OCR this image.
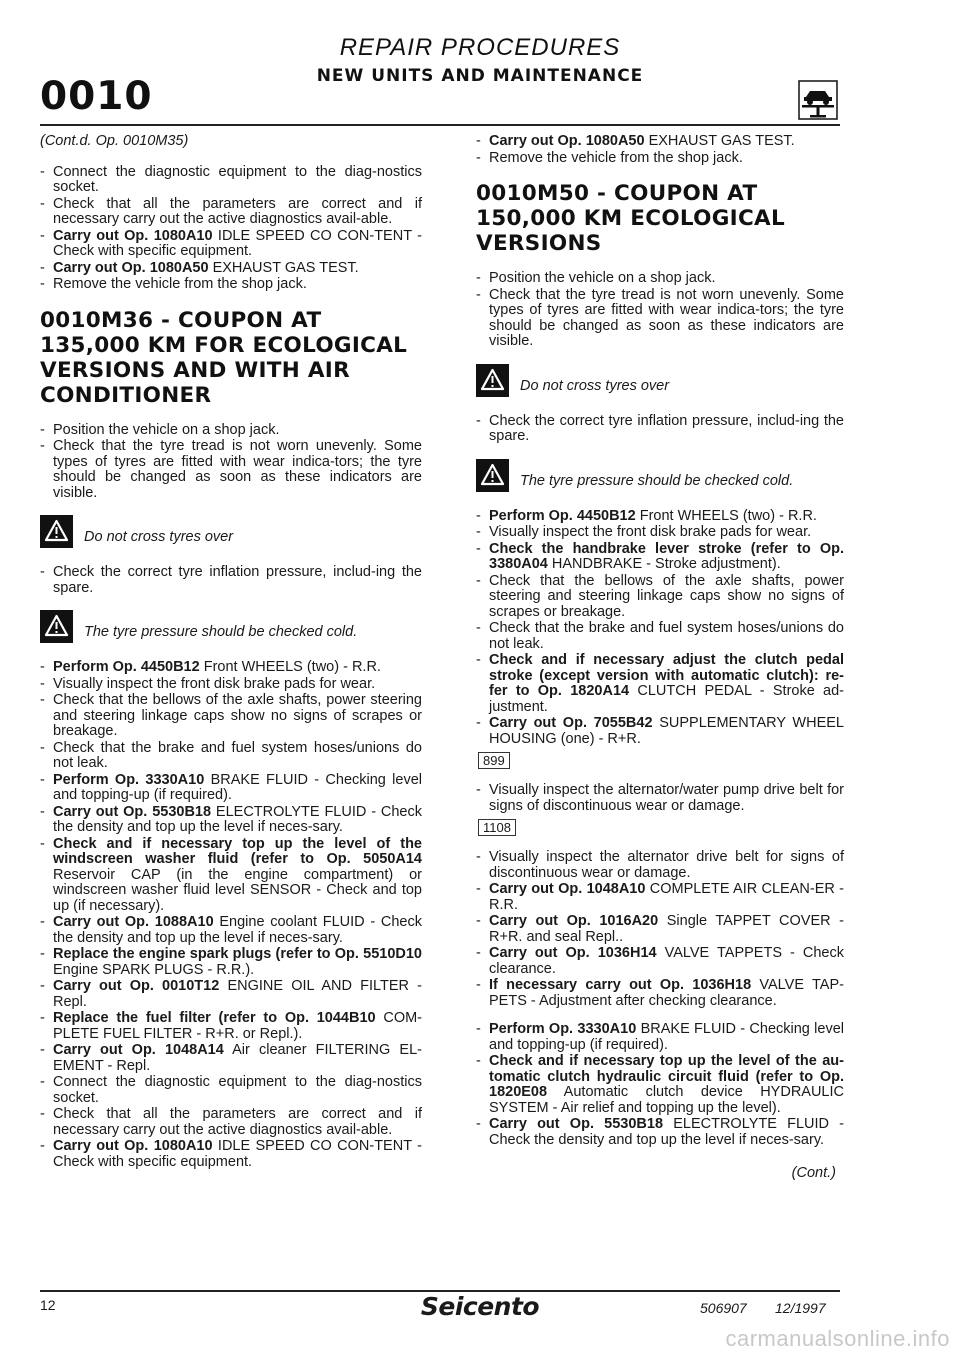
0010
REPAIR PROCEDURES
NEW UNITS AND MAINTENANCE
(Cont.d. Op. 0010M35)
- Connect the diagnostic equipment to the diag-nostics socket.
- Check that all the parameters are correct and if necessary carry out the active diagnostics avail-able.
- Carry out Op. 1080A10 IDLE SPEED CO CON-TENT - Check with specific equipment.
- Carry out Op. 1080A50 EXHAUST GAS TEST.
- Remove the vehicle from the shop jack.
0010M36 - COUPON AT
135,000 KM FOR ECOLOGICAL
VERSIONS AND WITH AIR
CONDITIONER
- Position the vehicle on a shop jack.
- Check that the tyre tread is not worn unevenly. Some types of tyres are fitted with wear indica-tors; the tyre should be changed as soon as these indicators are visible.
Do not cross tyres over
- Check the correct tyre inflation pressure, includ-ing the spare.
The tyre pressure should be checked cold.
- Perform Op. 4450B12 Front WHEELS (two) - R.R.
- Visually inspect the front disk brake pads for wear.
- Check that the bellows of the axle shafts, power steering and steering linkage caps show no signs of scrapes or breakage.
- Check that the brake and fuel system hoses/unions do not leak.
- Perform Op. 3330A10 BRAKE FLUID - Checking level and topping-up (if required).
- Carry out Op. 5530B18 ELECTROLYTE FLUID - Check the density and top up the level if neces-sary.
- Check and if necessary top up the level of the windscreen washer fluid (refer to Op. 5050A14 Reservoir CAP (in the engine compartment) or windscreen washer fluid level SENSOR - Check and top up (if necessary).
- Carry out Op. 1088A10 Engine coolant FLUID - Check the density and top up the level if neces-sary.
- Replace the engine spark plugs (refer to Op. 5510D10 Engine SPARK PLUGS - R.R.).
- Carry out Op. 0010T12 ENGINE OIL AND FILTER - Repl.
- Replace the fuel filter (refer to Op. 1044B10 COM-PLETE FUEL FILTER - R+R. or Repl.).
- Carry out Op. 1048A14 Air cleaner FILTERING EL-EMENT - Repl.
- Connect the diagnostic equipment to the diag-nostics socket.
- Check that all the parameters are correct and if necessary carry out the active diagnostics avail-able.
- Carry out Op. 1080A10 IDLE SPEED CO CON-TENT - Check with specific equipment.
- Carry out Op. 1080A50 EXHAUST GAS TEST.
- Remove the vehicle from the shop jack.
0010M50 - COUPON AT
150,000 KM ECOLOGICAL
VERSIONS
- Position the vehicle on a shop jack.
- Check that the tyre tread is not worn unevenly. Some types of tyres are fitted with wear indica-tors; the tyre should be changed as soon as these indicators are visible.
Do not cross tyres over
- Check the correct tyre inflation pressure, includ-ing the spare.
The tyre pressure should be checked cold.
- Perform Op. 4450B12 Front WHEELS (two) - R.R.
- Visually inspect the front disk brake pads for wear.
- Check the handbrake lever stroke (refer to Op. 3380A04 HANDBRAKE - Stroke adjustment).
- Check that the bellows of the axle shafts, power steering and steering linkage caps show no signs of scrapes or breakage.
- Check that the brake and fuel system hoses/unions do not leak.
- Check and if necessary adjust the clutch pedal stroke (except version with automatic clutch): re-fer to Op. 1820A14 CLUTCH PEDAL - Stroke ad-justment.
- Carry out Op. 7055B42 SUPPLEMENTARY WHEEL HOUSING (one) - R+R.
899
- Visually inspect the alternator/water pump drive belt for signs of discontinuous wear or damage.
1108
- Visually inspect the alternator drive belt for signs of discontinuous wear or damage.
- Carry out Op. 1048A10 COMPLETE AIR CLEAN-ER - R.R.
- Carry out Op. 1016A20 Single TAPPET COVER - R+R. and seal Repl..
- Carry out Op. 1036H14 VALVE TAPPETS - Check clearance.
- If necessary carry out Op. 1036H18 VALVE TAP-PETS - Adjustment after checking clearance.
- Perform Op. 3330A10 BRAKE FLUID - Checking level and topping-up (if required).
- Check and if necessary top up the level of the au-tomatic clutch hydraulic circuit fluid (refer to Op. 1820E08 Automatic clutch device HYDRAULIC SYSTEM - Air relief and topping up the level).
- Carry out Op. 5530B18 ELECTROLYTE FLUID - Check the density and top up the level if neces-sary.
(Cont.)
12	Seicento	506907 12/1997
carmanualsonline.info
